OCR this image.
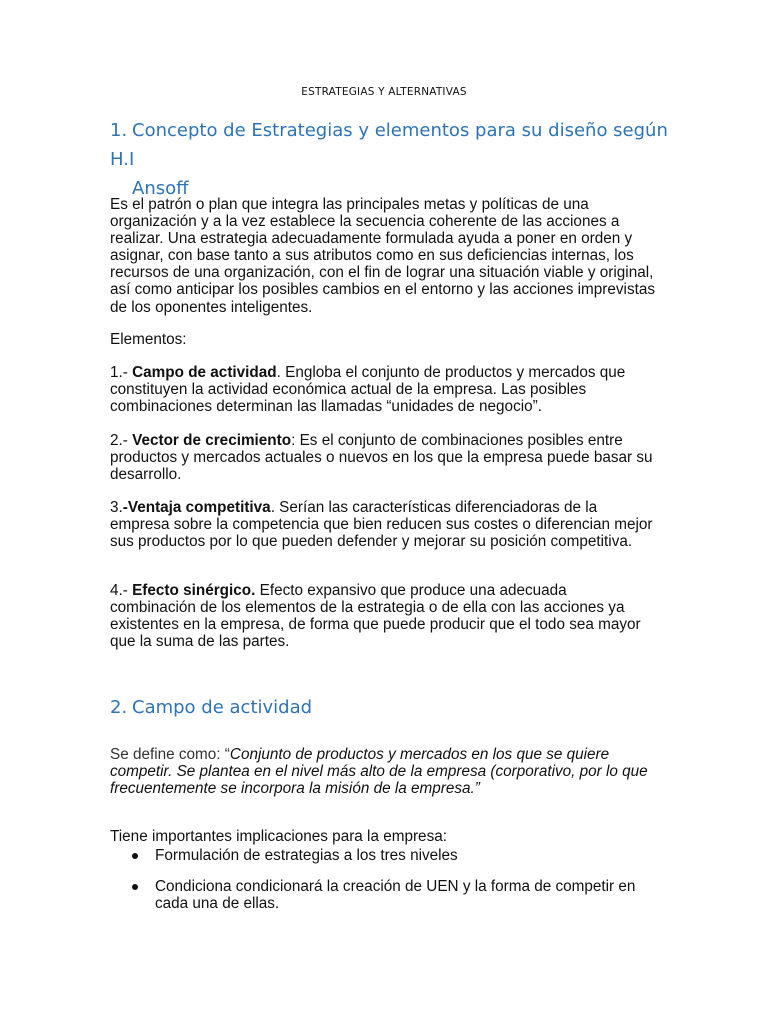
ESTRATEGIAS Y ALTERNATIVAS
1. Concepto de Estrategias y elementos para su diseño según H.I
Ansoff
Es el patrón o plan que integra las principales metas y políticas de una organización y a la vez establece la secuencia coherente de las acciones a realizar. Una estrategia adecuadamente formulada ayuda a poner en orden y asignar, con base tanto a sus atributos como en sus deficiencias internas, los recursos de una organización, con el fin de lograr una situación viable y original, así como anticipar los posibles cambios en el entorno y las acciones imprevistas de los oponentes inteligentes.
Elementos:
1.- Campo de actividad. Engloba el conjunto de productos y mercados que constituyen la actividad económica actual de la empresa. Las posibles combinaciones determinan las llamadas “unidades de negocio”.
2.- Vector de crecimiento: Es el conjunto de combinaciones posibles entre productos y mercados actuales o nuevos en los que la empresa puede basar su desarrollo.
3.-Ventaja competitiva. Serían las características diferenciadoras de la empresa sobre la competencia que bien reducen sus costes o diferencian mejor sus productos por lo que pueden defender y mejorar su posición competitiva.
4.- Efecto sinérgico. Efecto expansivo que produce una adecuada combinación de los elementos de la estrategia o de ella con las acciones ya existentes en la empresa, de forma que puede producir que el todo sea mayor que la suma de las partes.
2. Campo de actividad
Se define como: “Conjunto de productos y mercados en los que se quiere competir. Se plantea en el nivel más alto de la empresa (corporativo, por lo que frecuentemente se incorpora la misión de la empresa.”
Tiene importantes implicaciones para la empresa:
Formulación de estrategias a los tres niveles
Condiciona condicionará la creación de UEN y la forma de competir en cada una de ellas.
